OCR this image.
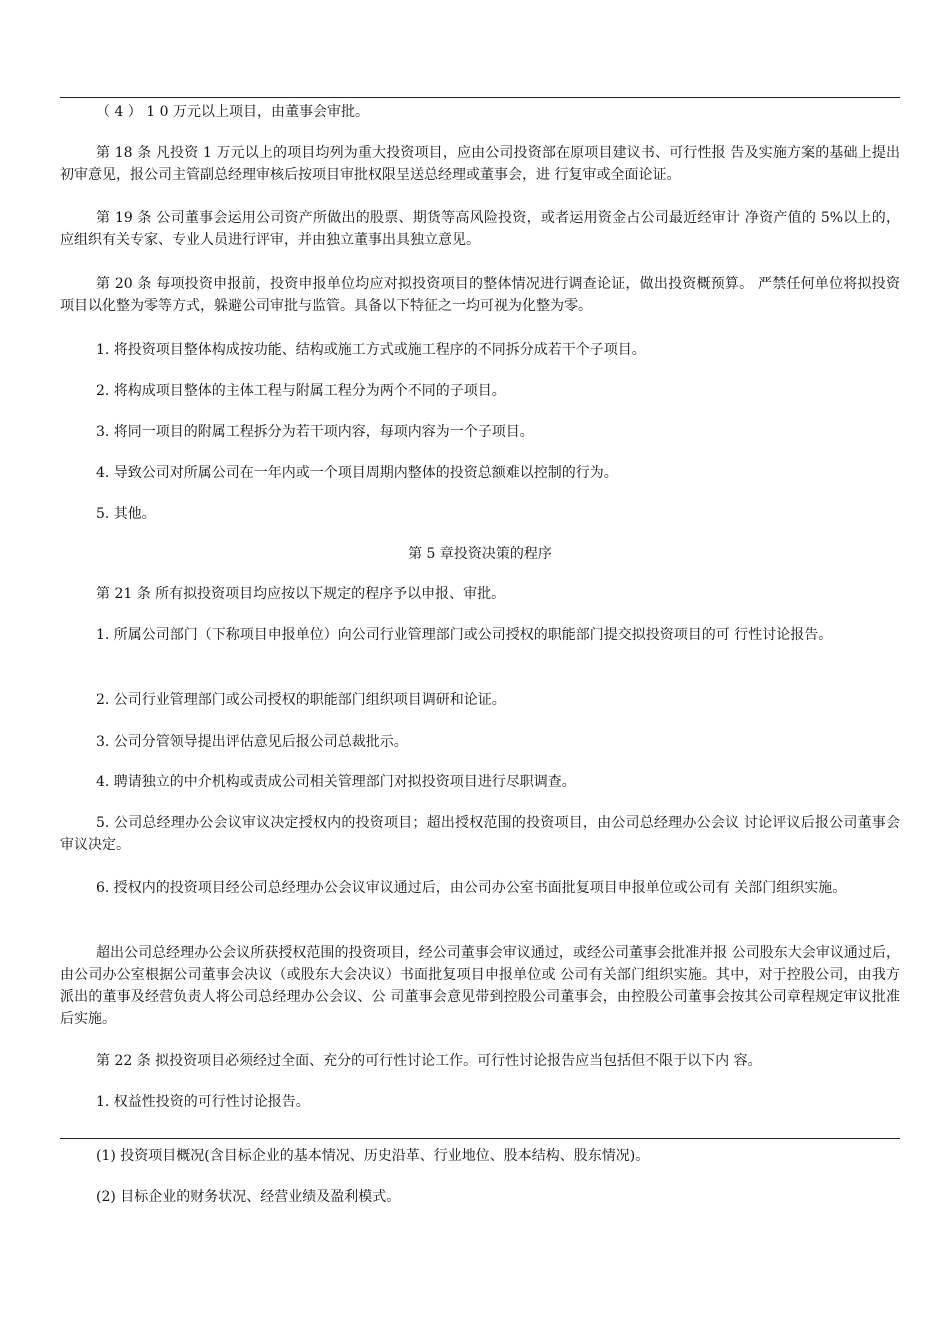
（ 4 ） 1 0 万元以上项目，由董事会审批。

第 18 条 凡投资 1 万元以上的项目均列为重大投资项目，应由公司投资部在原项目建议书、可行性报 告及实施方案的基础上提出初审意见，报公司主管副总经理审核后按项目审批权限呈送总经理或董事会，进 行复审或全面论证。

第 19 条 公司董事会运用公司资产所做出的股票、期货等高风险投资，或者运用资金占公司最近经审计 净资产值的 5%以上的，应组织有关专家、专业人员进行评审，并由独立董事出具独立意见。

第 20 条 每项投资申报前，投资申报单位均应对拟投资项目的整体情况进行调查论证，做出投资概预算。 严禁任何单位将拟投资项目以化整为零等方式，躲避公司审批与监管。具备以下特征之一均可视为化整为零。

1. 将投资项目整体构成按功能、结构或施工方式或施工程序的不同拆分成若干个子项目。

2. 将构成项目整体的主体工程与附属工程分为两个不同的子项目。

3. 将同一项目的附属工程拆分为若干项内容，每项内容为一个子项目。

4. 导致公司对所属公司在一年内或一个项目周期内整体的投资总额难以控制的行为。

5. 其他。

第 5 章投资决策的程序

第 21 条 所有拟投资项目均应按以下规定的程序予以申报、审批。

1. 所属公司部门（下称项目申报单位）向公司行业管理部门或公司授权的职能部门提交拟投资项目的可 行性讨论报告。

2. 公司行业管理部门或公司授权的职能部门组织项目调研和论证。

3. 公司分管领导提出评估意见后报公司总裁批示。

4. 聘请独立的中介机构或责成公司相关管理部门对拟投资项目进行尽职调查。

5. 公司总经理办公会议审议决定授权内的投资项目；超出授权范围的投资项目，由公司总经理办公会议 讨论评议后报公司董事会审议决定。

6. 授权内的投资项目经公司总经理办公会议审议通过后，由公司办公室书面批复项目申报单位或公司有 关部门组织实施。

超出公司总经理办公会议所获授权范围的投资项目，经公司董事会审议通过，或经公司董事会批准并报 公司股东大会审议通过后，由公司办公室根据公司董事会决议（或股东大会决议）书面批复项目申报单位或 公司有关部门组织实施。其中，对于控股公司，由我方派出的董事及经营负责人将公司总经理办公会议、公 司董事会意见带到控股公司董事会，由控股公司董事会按其公司章程规定审议批准后实施。

第 22 条 拟投资项目必须经过全面、充分的可行性讨论工作。可行性讨论报告应当包括但不限于以下内 容。

1. 权益性投资的可行性讨论报告。

(1) 投资项目概况(含目标企业的基本情况、历史沿革、行业地位、股本结构、股东情况)。

(2) 目标企业的财务状况、经营业绩及盈利模式。
